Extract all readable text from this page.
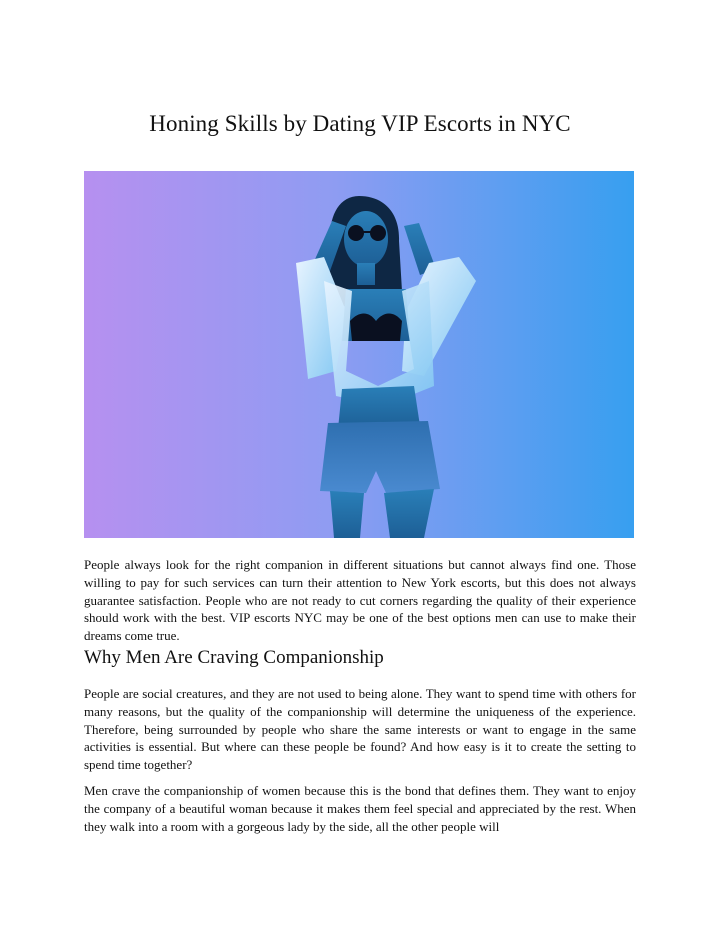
Honing Skills by Dating VIP Escorts in NYC

People always look for the right companion in different situations but cannot always find one. Those willing to pay for such services can turn their attention to New York escorts, but this does not always guarantee satisfaction. People who are not ready to cut corners regarding the quality of their experience should work with the best. VIP escorts NYC may be one of the best options men can use to make their dreams come true.

Why Men Are Craving Companionship

People are social creatures, and they are not used to being alone. They want to spend time with others for many reasons, but the quality of the companionship will determine the uniqueness of the experience. Therefore, being surrounded by people who share the same interests or want to engage in the same activities is essential. But where can these people be found? And how easy is it to create the setting to spend time together?

Men crave the companionship of women because this is the bond that defines them. They want to enjoy the company of a beautiful woman because it makes them feel special and appreciated by the rest. When they walk into a room with a gorgeous lady by the side, all the other people will
